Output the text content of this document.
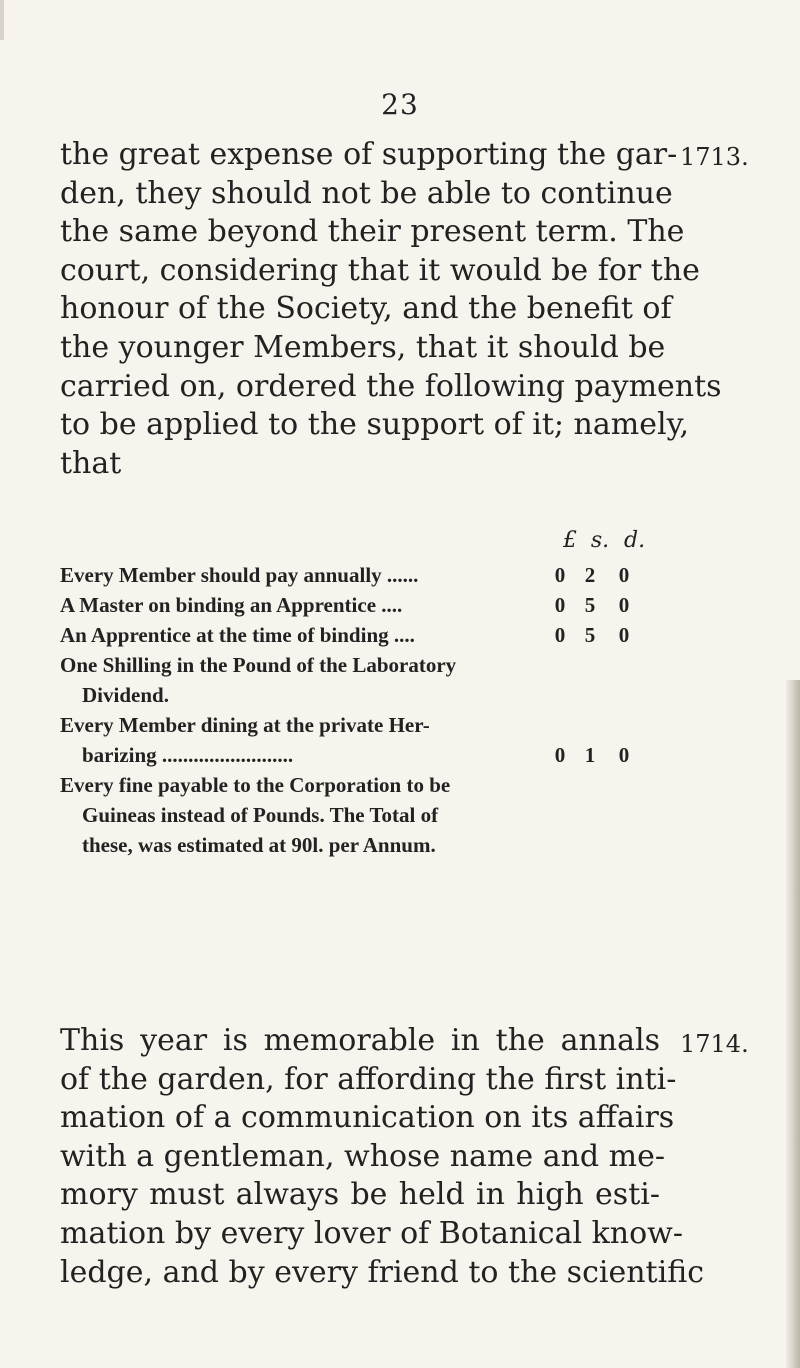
23
1713.
1714.
the great expense of supporting the gar-
den, they should not be able to continue
the same beyond their present term. The
court, considering that it would be for the
honour of the Society, and the benefit of
the younger Members, that it should be
carried on, ordered the following payments
to be applied to the support of it; namely,
that
£ s. d.
Every Member should pay annually ......	0 2 0
A Master on binding an Apprentice ....	0 5 0
An Apprentice at the time of binding ....	0 5 0
One Shilling in the Pound of the Laboratory
Dividend.
Every Member dining at the private Her-
barizing .........................	0 1 0
Every fine payable to the Corporation to be
Guineas instead of Pounds. The Total of
these, was estimated at 90l. per Annum.
This year is memorable in the annals
of the garden, for affording the first inti-
mation of a communication on its affairs
with a gentleman, whose name and me-
mory must always be held in high esti-
mation by every lover of Botanical know-
ledge, and by every friend to the scientific
